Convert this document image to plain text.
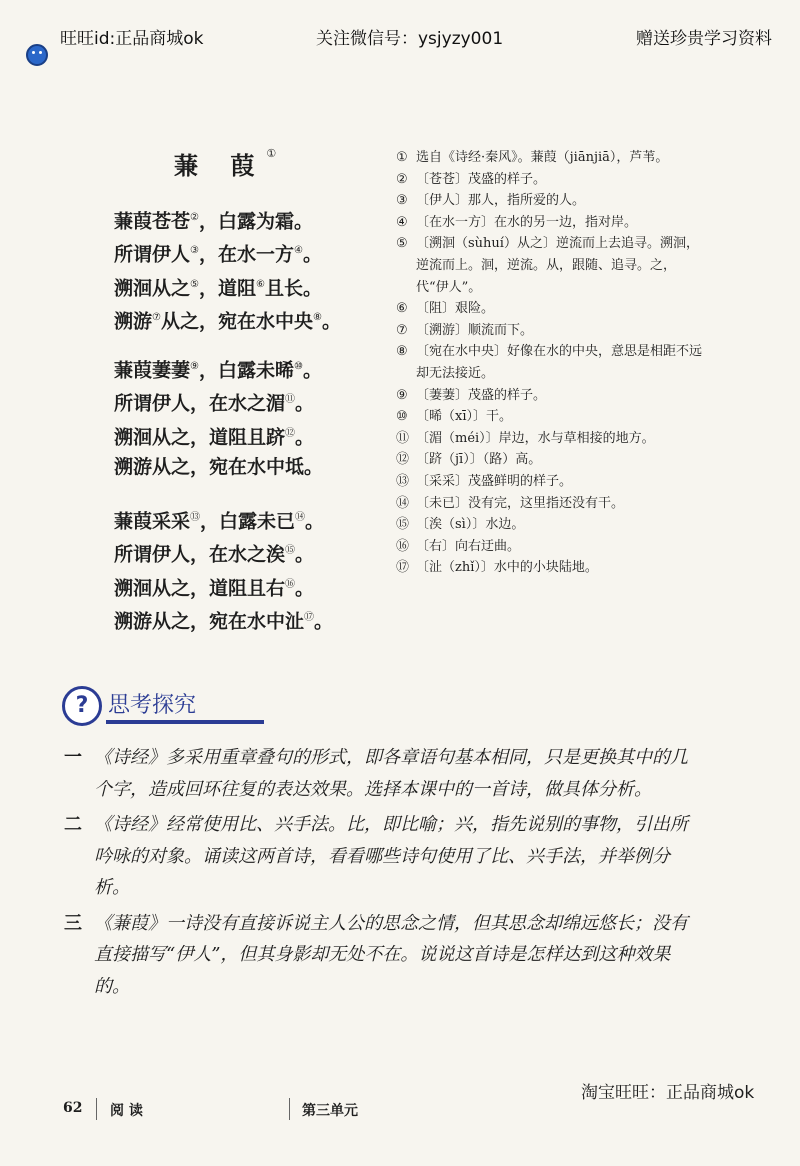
旺旺id:正品商城ok	关注微信号：ysjyzy001	赠送珍贵学习资料
蒹 葭①
蒹葭苍苍②，白露为霜。
所谓伊人③，在水一方④。
溯洄从之⑤，道阻⑥且长。
溯游⑦从之，宛在水中央⑧。
蒹葭萋萋⑨，白露未晞⑩。
所谓伊人，在水之湄⑪。
溯洄从之，道阻且跻⑫。
溯游从之，宛在水中坻。
蒹葭采采⑬，白露未已⑭。
所谓伊人，在水之涘⑮。
溯洄从之，道阻且右⑯。
溯游从之，宛在水中沚⑰。
① 选自《诗经·秦风》。蒹葭（jiānjiā），芦苇。
② 〔苍苍〕茂盛的样子。
③ 〔伊人〕那人，指所爱的人。
④ 〔在水一方〕在水的另一边，指对岸。
⑤ 〔溯洄（sùhuí）从之〕逆流而上去追寻。溯洄，逆流而上。洄，逆流。从，跟随、追寻。之，代“伊人”。
⑥ 〔阻〕艰险。
⑦ 〔溯游〕顺流而下。
⑧ 〔宛在水中央〕好像在水的中央，意思是相距不远却无法接近。
⑨ 〔萋萋〕茂盛的样子。
⑩ 〔晞（xī）〕干。
⑪ 〔湄（méi）〕岸边，水与草相接的地方。
⑫ 〔跻（jī）〕（路）高。
⑬ 〔采采〕茂盛鲜明的样子。
⑭ 〔未已〕没有完，这里指还没有干。
⑮ 〔涘（sì）〕水边。
⑯ 〔右〕向右迂曲。
⑰ 〔沚（zhǐ）〕水中的小块陆地。
? 思考探究
一 《诗经》多采用重章叠句的形式，即各章语句基本相同，只是更换其中的几个字，造成回环往复的表达效果。选择本课中的一首诗，做具体分析。
二 《诗经》经常使用比、兴手法。比，即比喻；兴，指先说别的事物，引出所吟咏的对象。诵读这两首诗，看看哪些诗句使用了比、兴手法，并举例分析。
三 《蒹葭》一诗没有直接诉说主人公的思念之情，但其思念却绵远悠长；没有直接描写“伊人”，但其身影却无处不在。说说这首诗是怎样达到这种效果的。
淘宝旺旺：正品商城ok
62 阅 读	第三单元
